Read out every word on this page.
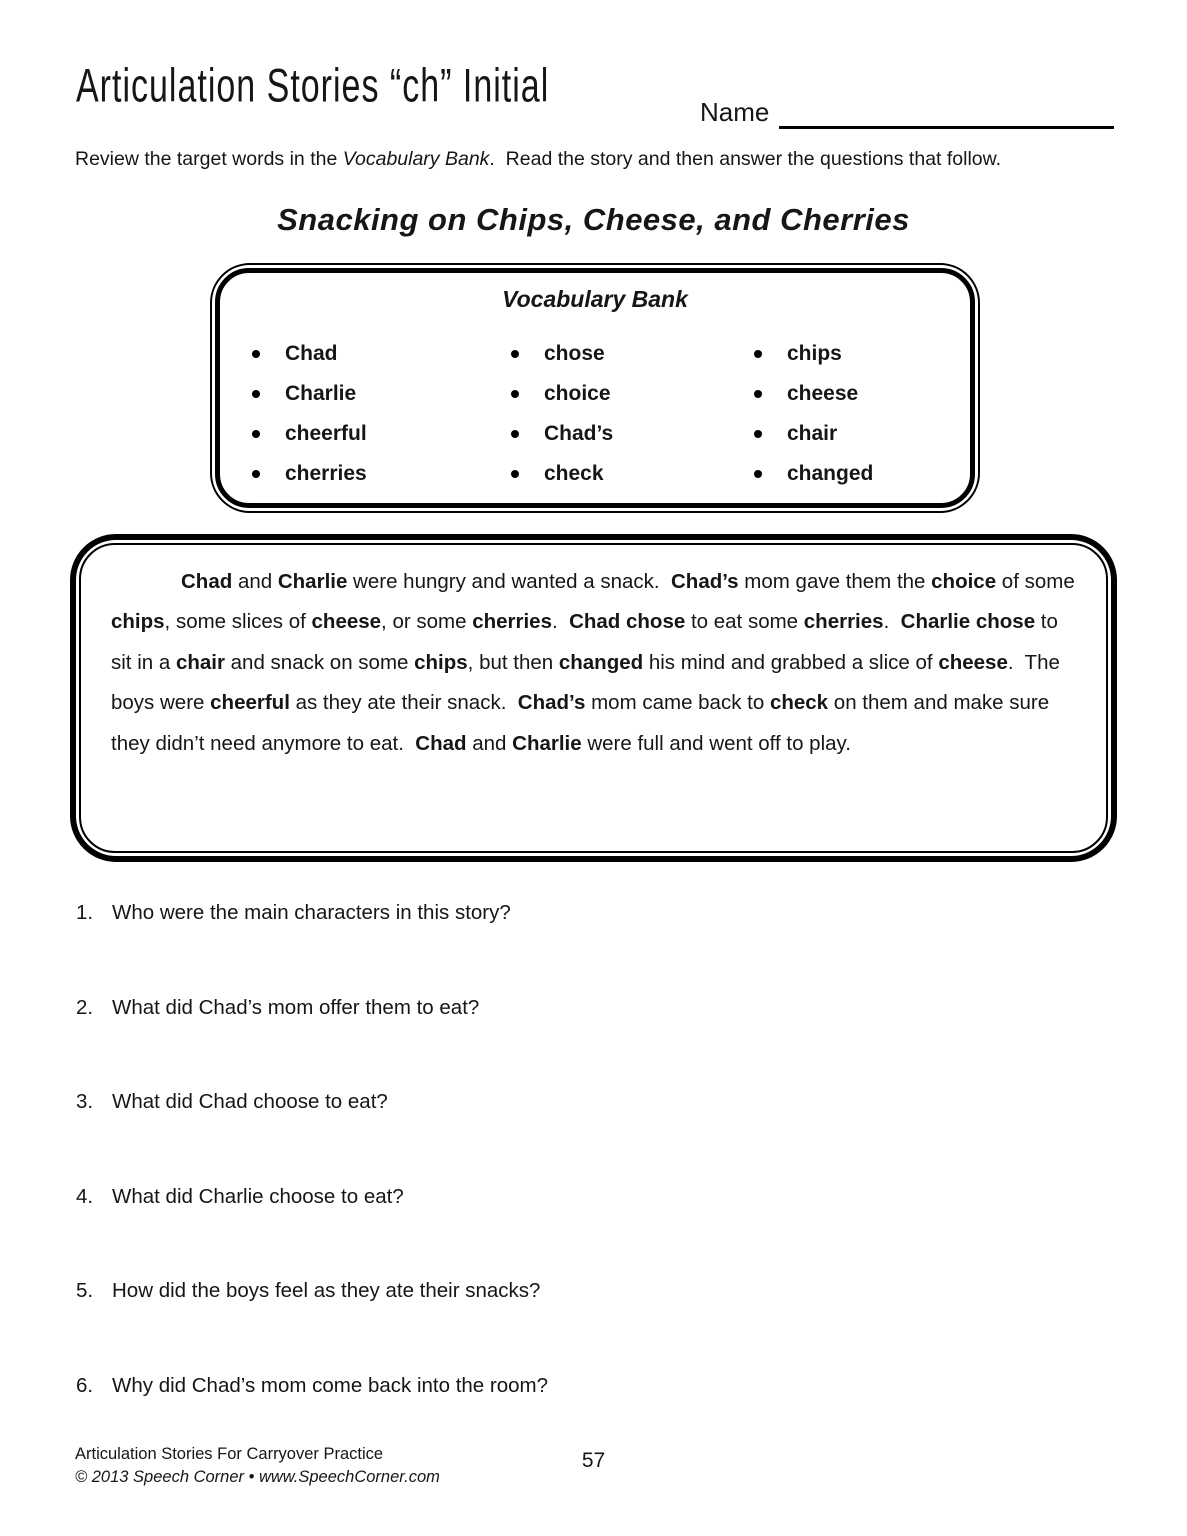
Articulation Stories “ch” Initial	Name

Review the target words in the Vocabulary Bank.  Read the story and then answer the questions that follow.

Snacking on Chips, Cheese, and Cherries
Vocabulary Bank
Chad
Charlie
cheerful
cherries
chose
choice
Chad’s
check
chips
cheese
chair
changed

Chad and Charlie were hungry and wanted a snack.  Chad’s mom gave them the choice of some chips, some slices of cheese, or some cherries.  Chad chose to eat some cherries.  Charlie chose to sit in a chair and snack on some chips, but then changed his mind and grabbed a slice of cheese.  The boys were cheerful as they ate their snack.  Chad’s mom came back to check on them and make sure they didn’t need anymore to eat.  Chad and Charlie were full and went off to play.

1. Who were the main characters in this story?
2. What did Chad’s mom offer them to eat?
3. What did Chad choose to eat?
4. What did Charlie choose to eat?
5. How did the boys feel as they ate their snacks?
6. Why did Chad’s mom come back into the room?
Articulation Stories For Carryover Practice
© 2013 Speech Corner • www.SpeechCorner.com
57
